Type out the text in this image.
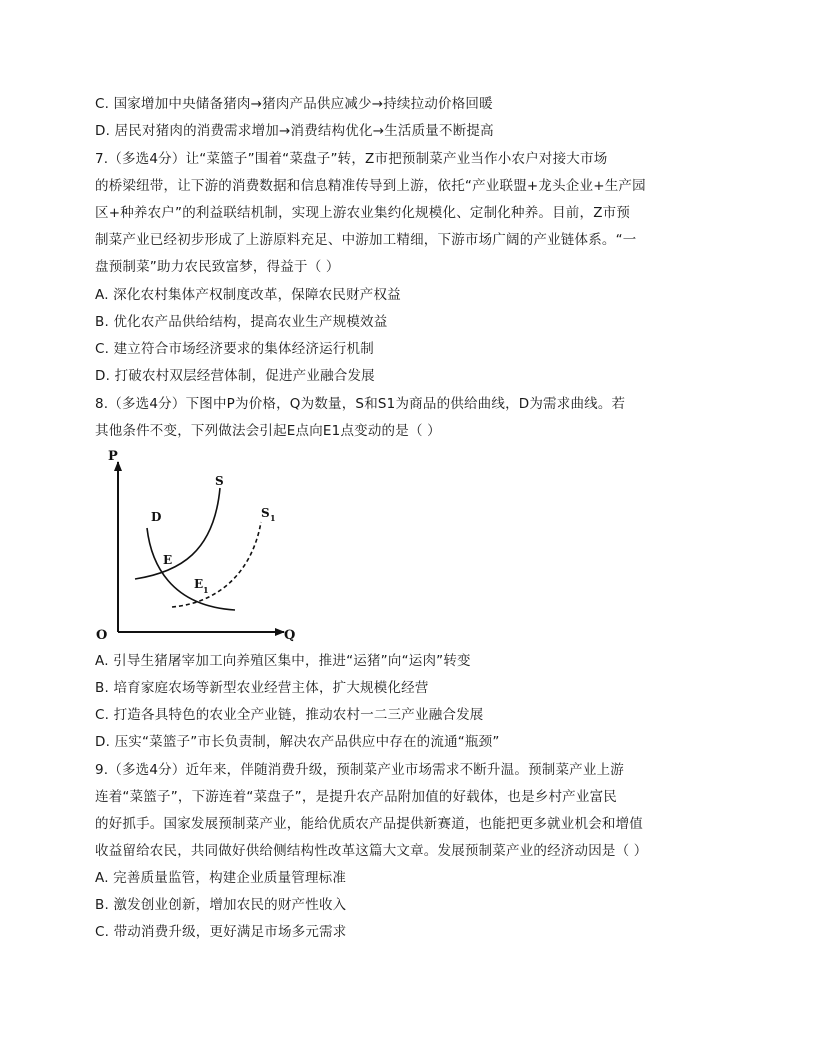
C. 国家增加中央储备猪肉→猪肉产品供应减少→持续拉动价格回暖
D. 居民对猪肉的消费需求增加→消费结构优化→生活质量不断提高
7.（多选4分）让“菜篮子”围着“菜盘子”转，Z市把预制菜产业当作小农户对接大市场
的桥梁纽带，让下游的消费数据和信息精准传导到上游，依托“产业联盟+龙头企业+生产园
区+种养农户”的利益联结机制，实现上游农业集约化规模化、定制化种养。目前，Z市预
制菜产业已经初步形成了上游原料充足、中游加工精细，下游市场广阔的产业链体系。“一
盘预制菜”助力农民致富梦，得益于（ ）
A. 深化农村集体产权制度改革，保障农民财产权益
B. 优化农产品供给结构，提高农业生产规模效益
C. 建立符合市场经济要求的集体经济运行机制
D. 打破农村双层经营体制，促进产业融合发展
8.（多选4分）下图中P为价格，Q为数量，S和S1为商品的供给曲线，D为需求曲线。若
其他条件不变，下列做法会引起E点向E1点变动的是（ ）
P
Q
O
S
S 1
D
E
E 1
A. 引导生猪屠宰加工向养殖区集中，推进“运猪”向“运肉”转变
B. 培育家庭农场等新型农业经营主体，扩大规模化经营
C. 打造各具特色的农业全产业链，推动农村一二三产业融合发展
D. 压实“菜篮子”市长负责制，解决农产品供应中存在的流通“瓶颈”
9.（多选4分）近年来，伴随消费升级，预制菜产业市场需求不断升温。预制菜产业上游
连着“菜篮子”，下游连着“菜盘子”，是提升农产品附加值的好载体，也是乡村产业富民
的好抓手。国家发展预制菜产业，能给优质农产品提供新赛道，也能把更多就业机会和增值
收益留给农民，共同做好供给侧结构性改革这篇大文章。发展预制菜产业的经济动因是（ ）
A. 完善质量监管，构建企业质量管理标准
B. 激发创业创新，增加农民的财产性收入
C. 带动消费升级，更好满足市场多元需求
